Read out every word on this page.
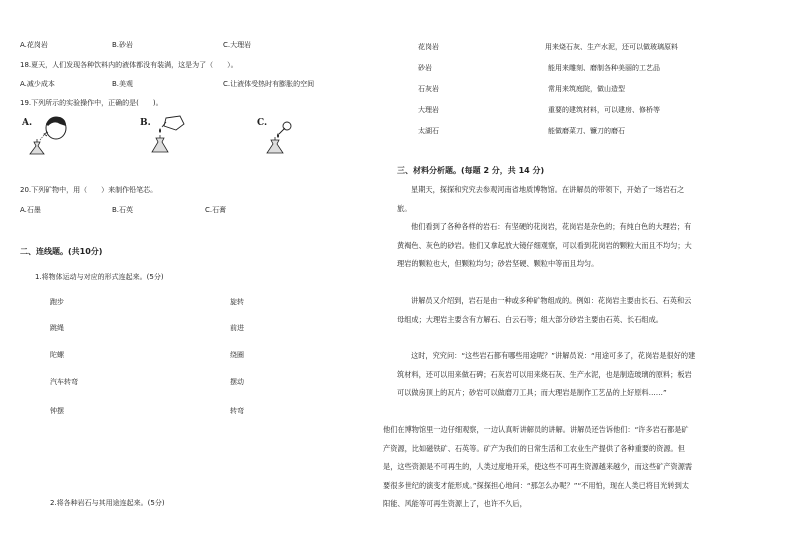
A.花岗岩	B.砂岩	C.大理岩
18.夏天，人们发现各种饮料内的液体都没有装满，这是为了（　　）。
A.减少成本	B.美观	C.让液体受热时有膨胀的空间
19.下列所示的实验操作中，正确的是(　　)。
A.	B.	C.
20.下列矿物中，用（　　）来制作铅笔芯。
A.石墨	B.石英	C.石膏
二、连线题。(共10分)
1.将物体运动与对应的形式连起来。(5分)
跑步
跳绳
陀螺
汽车转弯
钟摆
旋转
前进
绕圈
摆动
转弯
2.将各种岩石与其用途连起来。(5分)
花岗岩	用来烧石灰、生产水泥，还可以做玻璃原料
砂岩	能用来雕刻、磨制各种美丽的工艺品
石灰岩	常用来筑庭院，做山造型
大理岩	重要的建筑材料，可以建房、修桥等
太湖石	能做磨菜刀、镰刀的磨石
三、材料分析题。(每题 2 分，共 14 分)
星期天，探探和究究去参观河南省地质博物馆。在讲解员的带领下，开始了一场岩石之旅。
他们看到了各种各样的岩石：有坚硬的花岗岩，花岗岩是杂色的；有纯白色的大理岩；有黄褐色、灰色的砂岩。他们又拿起放大镜仔细观察，可以看到花岗岩的颗粒大而且不均匀；大理岩的颗粒也大，但颗粒均匀；砂岩坚硬、颗粒中等而且均匀。
讲解员又介绍到，岩石是由一种或多种矿物组成的。例如：花岗岩主要由长石、石英和云母组成；大理岩主要含有方解石、白云石等；组大部分砂岩主要由石英、长石组成。
这时，究究问：“这些岩石都有哪些用途呢？”讲解员说：“用途可多了，花岗岩是很好的建筑材料，还可以用来做石碑；石灰岩可以用来烧石灰、生产水泥，也是制造玻璃的原料；板岩可以做房顶上的瓦片；砂岩可以做磨刀工具；而大理岩是制作工艺品的上好原料……”
他们在博物馆里一边仔细观察，一边认真听讲解员的讲解。讲解员还告诉他们：“许多岩石都是矿产资源，比如磁铁矿、石英等。矿产为我们的日常生活和工农业生产提供了各种重要的资源。但是，这些资源是不可再生的，人类过度地开采，使这些不可再生资源越来越少，而这些矿产资源需要很多世纪的演变才能形成。”探探担心地问：“那怎么办呢？”“不用怕，现在人类已将目光转到太阳能、风能等可再生资源上了，也许不久后，
